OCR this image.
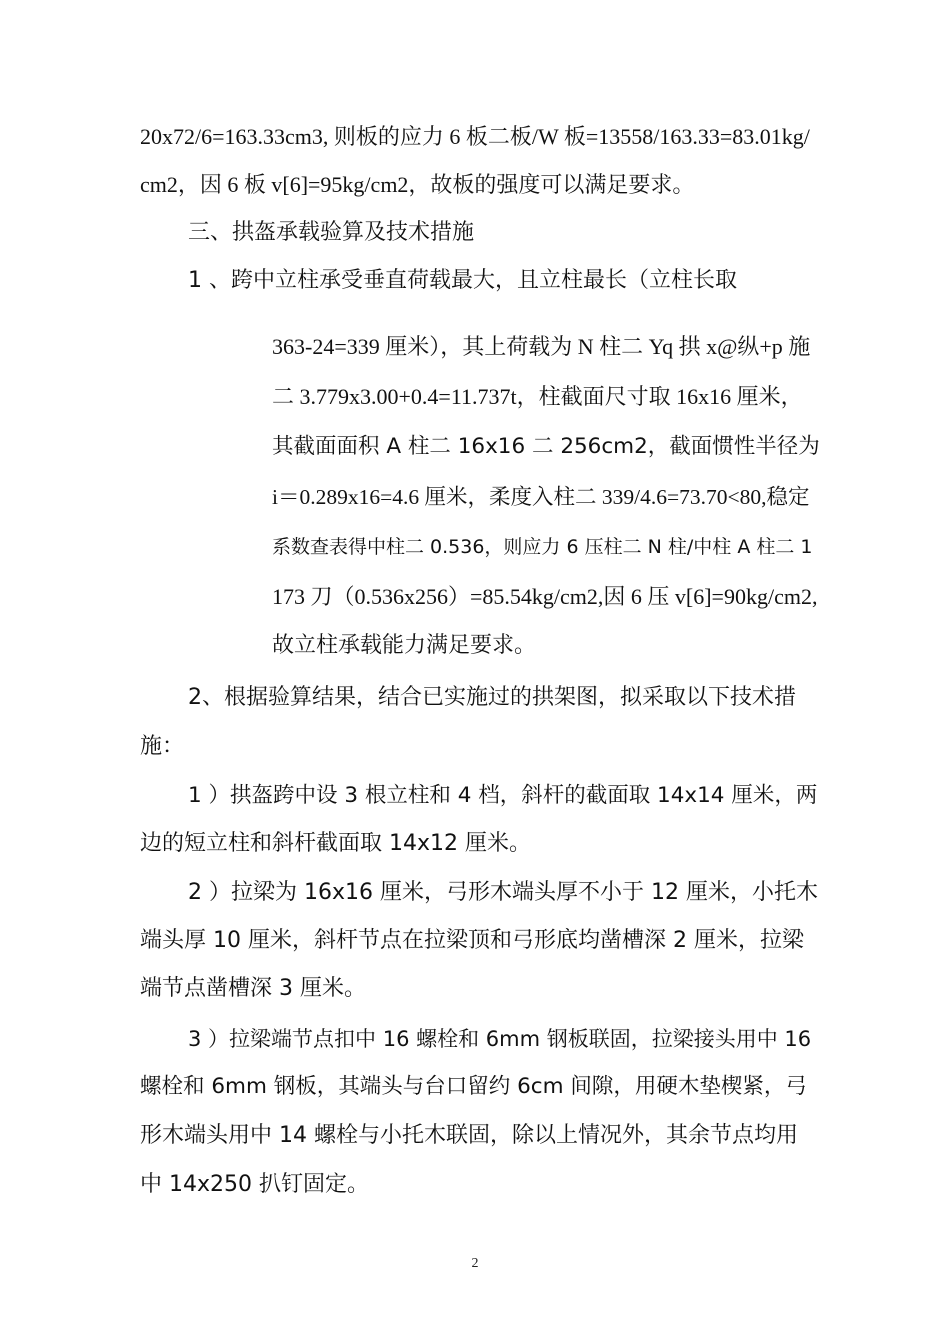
20x72/6=163.33cm3, 则板的应力 6 板二板/W 板=13558/163.33=83.01kg/
cm2，因 6 板 v[6]=95kg/cm2，故板的强度可以满足要求。
三、拱盔承载验算及技术措施
1 、跨中立柱承受垂直荷载最大，且立柱最长（立柱长取
363-24=339 厘米），其上荷载为 N 柱二 Yq 拱 x@纵+p 施
二 3.779x3.00+0.4=11.737t，柱截面尺寸取 16x16 厘米，
其截面面积 A 柱二 16x16 二 256cm2，截面惯性半径为
i＝0.289x16=4.6 厘米，柔度入柱二 339/4.6=73.70<80,稳定
系数查表得中柱二 0.536，则应力 6 压柱二 N 柱/中柱 A 柱二 1
173 刀（0.536x256）=85.54kg/cm2,因 6 压 v[6]=90kg/cm2,
故立柱承载能力满足要求。
2、根据验算结果，结合已实施过的拱架图，拟采取以下技术措
施：
1 ）拱盔跨中设 3 根立柱和 4 档，斜杆的截面取 14x14 厘米，两
边的短立柱和斜杆截面取 14x12 厘米。
2 ）拉梁为 16x16 厘米，弓形木端头厚不小于 12 厘米，小托木
端头厚 10 厘米，斜杆节点在拉梁顶和弓形底均凿槽深 2 厘米，拉梁
端节点凿槽深 3 厘米。
3 ）拉梁端节点扣中 16 螺栓和 6mm 钢板联固，拉梁接头用中 16
螺栓和 6mm 钢板，其端头与台口留约 6cm 间隙，用硬木垫楔紧，弓
形木端头用中 14 螺栓与小托木联固，除以上情况外，其余节点均用
中 14x250 扒钉固定。
2
